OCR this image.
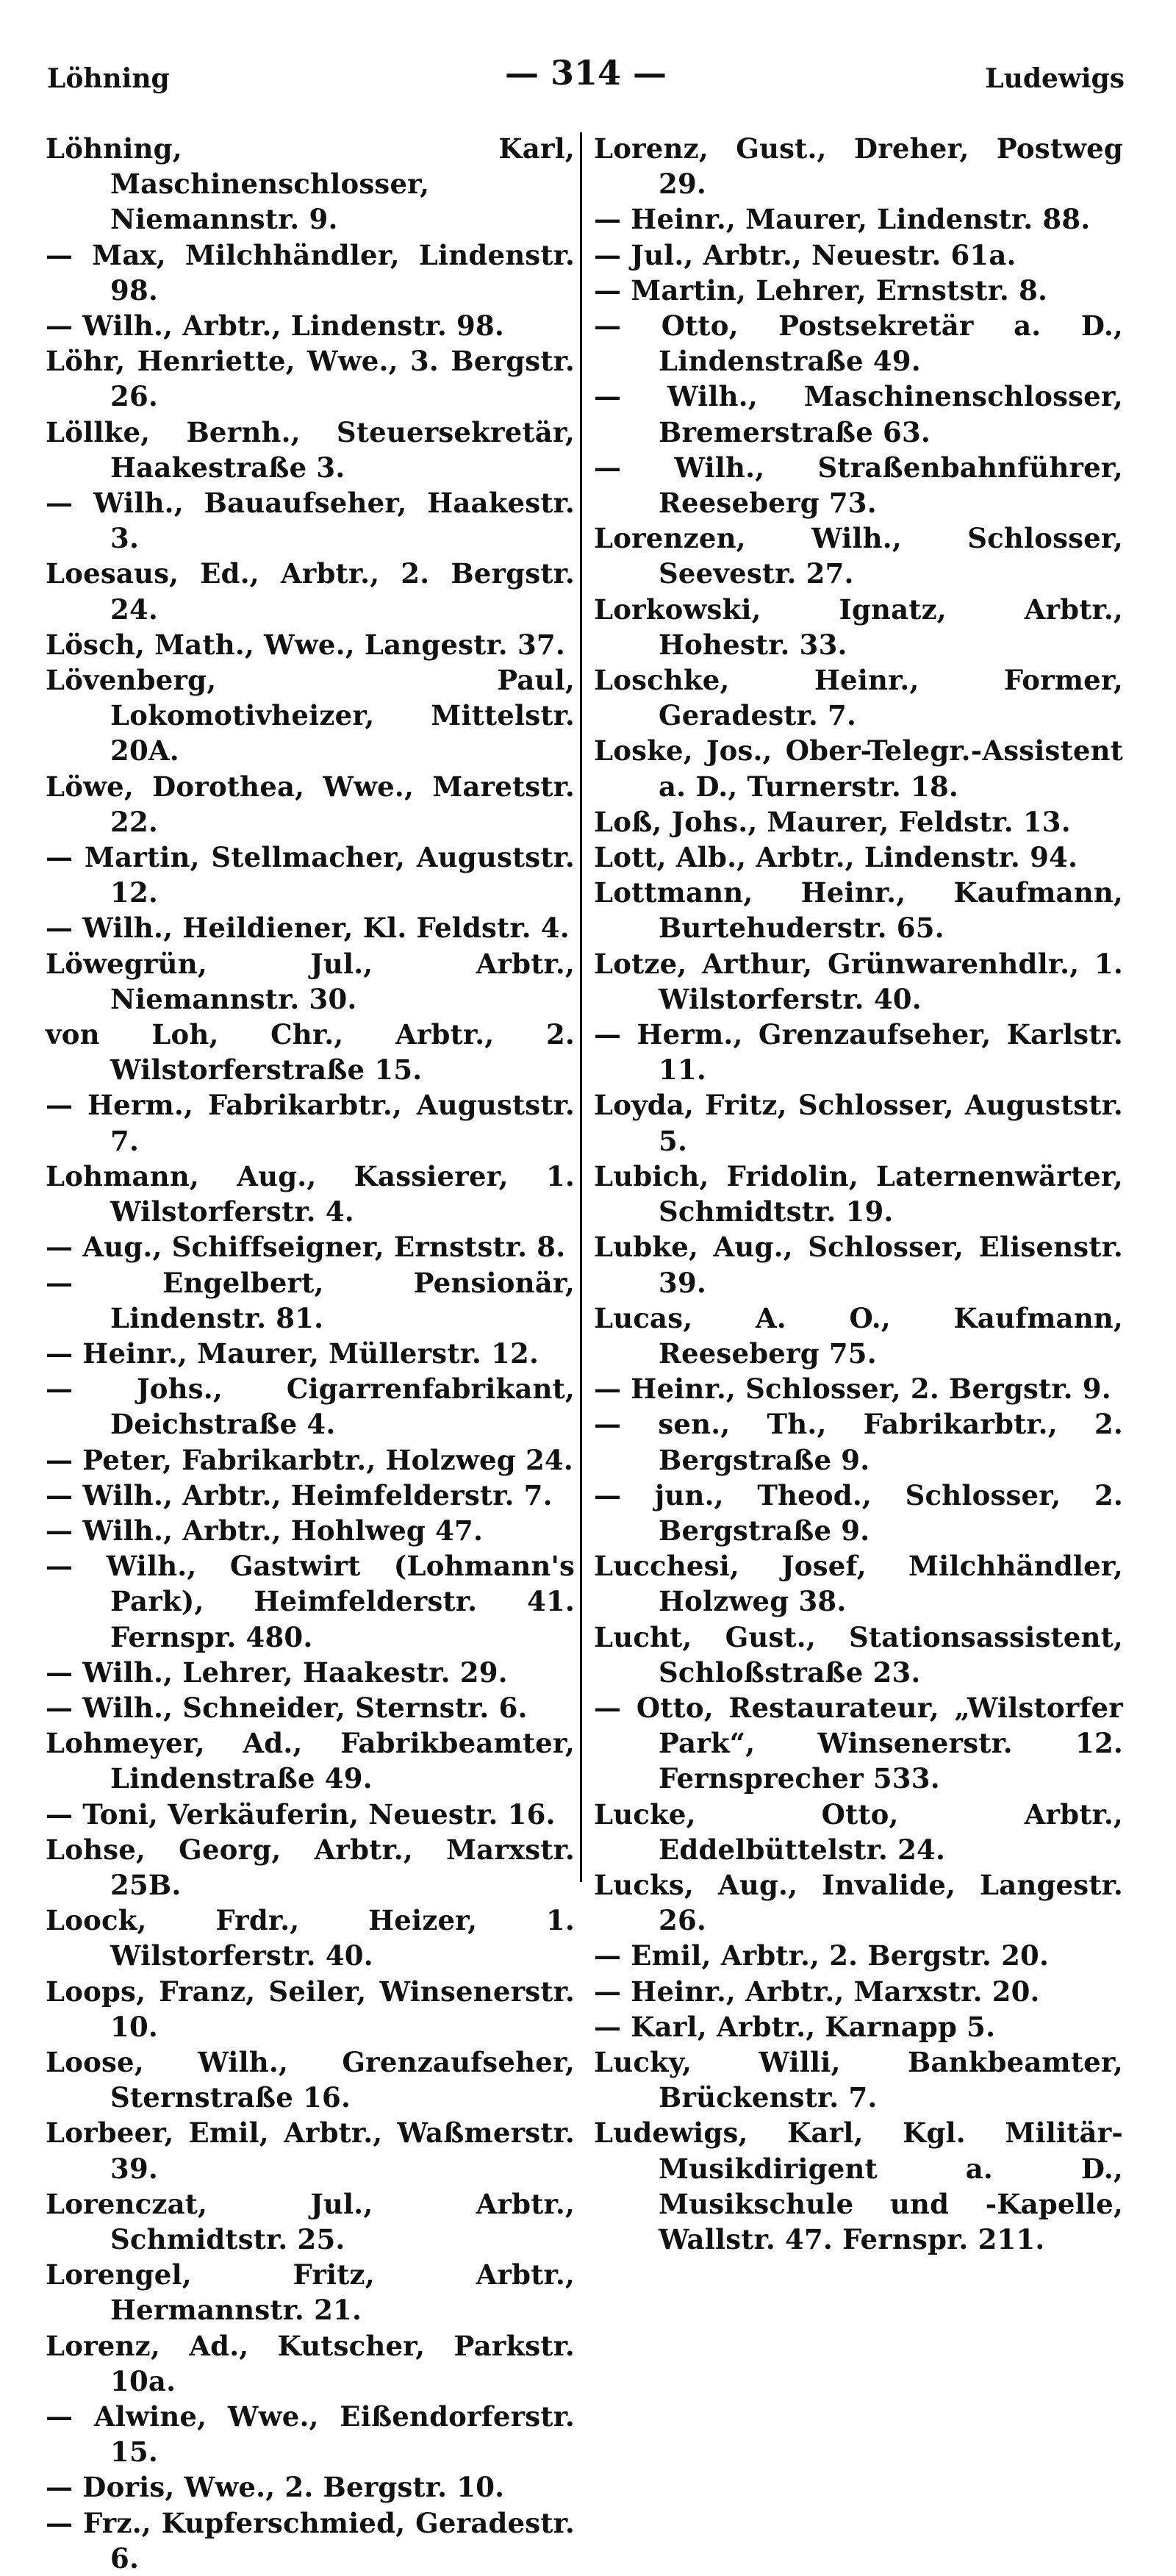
Löhning	— 314 —	Ludewigs
Löhning, Karl, Maschinenschlosser, Niemannstr. 9.
— Max, Milchhändler, Lindenstr. 98.
— Wilh., Arbtr., Lindenstr. 98.
Löhr, Henriette, Wwe., 3. Bergstr. 26.
Löllke, Bernh., Steuersekretär, Haakestraße 3.
— Wilh., Bauaufseher, Haakestr. 3.
Loesaus, Ed., Arbtr., 2. Bergstr. 24.
Lösch, Math., Wwe., Langestr. 37.
Lövenberg, Paul, Lokomotivheizer, Mittelstr. 20A.
Löwe, Dorothea, Wwe., Maretstr. 22.
— Martin, Stellmacher, Auguststr. 12.
— Wilh., Heildiener, Kl. Feldstr. 4.
Löwegrün, Jul., Arbtr., Niemannstr. 30.
von Loh, Chr., Arbtr., 2. Wilstorferstraße 15.
— Herm., Fabrikarbtr., Auguststr. 7.
Lohmann, Aug., Kassierer, 1. Wilstorferstr. 4.
— Aug., Schiffseigner, Ernststr. 8.
— Engelbert, Pensionär, Lindenstr. 81.
— Heinr., Maurer, Müllerstr. 12.
— Johs., Cigarrenfabrikant, Deichstraße 4.
— Peter, Fabrikarbtr., Holzweg 24.
— Wilh., Arbtr., Heimfelderstr. 7.
— Wilh., Arbtr., Hohlweg 47.
— Wilh., Gastwirt (Lohmann's Park), Heimfelderstr. 41. Fernspr. 480.
— Wilh., Lehrer, Haakestr. 29.
— Wilh., Schneider, Sternstr. 6.
Lohmeyer, Ad., Fabrikbeamter, Lindenstraße 49.
— Toni, Verkäuferin, Neuestr. 16.
Lohse, Georg, Arbtr., Marxstr. 25B.
Loock, Frdr., Heizer, 1. Wilstorferstr. 40.
Loops, Franz, Seiler, Winsenerstr. 10.
Loose, Wilh., Grenzaufseher, Sternstraße 16.
Lorbeer, Emil, Arbtr., Waßmerstr. 39.
Lorenczat, Jul., Arbtr., Schmidtstr. 25.
Lorengel, Fritz, Arbtr., Hermannstr. 21.
Lorenz, Ad., Kutscher, Parkstr. 10a.
— Alwine, Wwe., Eißendorferstr. 15.
— Doris, Wwe., 2. Bergstr. 10.
— Frz., Kupferschmied, Geradestr. 6.
Lorenz, Gust., Dreher, Postweg 29.
— Heinr., Maurer, Lindenstr. 88.
— Jul., Arbtr., Neuestr. 61a.
— Martin, Lehrer, Ernststr. 8.
— Otto, Postsekretär a. D., Lindenstraße 49.
— Wilh., Maschinenschlosser, Bremerstraße 63.
— Wilh., Straßenbahnführer, Reeseberg 73.
Lorenzen, Wilh., Schlosser, Seevestr. 27.
Lorkowski, Ignatz, Arbtr., Hohestr. 33.
Loschke, Heinr., Former, Geradestr. 7.
Loske, Jos., Ober-Telegr.-Assistent a. D., Turnerstr. 18.
Loß, Johs., Maurer, Feldstr. 13.
Lott, Alb., Arbtr., Lindenstr. 94.
Lottmann, Heinr., Kaufmann, Burtehuderstr. 65.
Lotze, Arthur, Grünwarenhdlr., 1. Wilstorferstr. 40.
— Herm., Grenzaufseher, Karlstr. 11.
Loyda, Fritz, Schlosser, Auguststr. 5.
Lubich, Fridolin, Laternenwärter, Schmidtstr. 19.
Lubke, Aug., Schlosser, Elisenstr. 39.
Lucas, A. O., Kaufmann, Reeseberg 75.
— Heinr., Schlosser, 2. Bergstr. 9.
— sen., Th., Fabrikarbtr., 2. Bergstraße 9.
— jun., Theod., Schlosser, 2. Bergstraße 9.
Lucchesi, Josef, Milchhändler, Holzweg 38.
Lucht, Gust., Stationsassistent, Schloßstraße 23.
— Otto, Restaurateur, „Wilstorfer Park“, Winsenerstr. 12. Fernsprecher 533.
Lucke, Otto, Arbtr., Eddelbüttelstr. 24.
Lucks, Aug., Invalide, Langestr. 26.
— Emil, Arbtr., 2. Bergstr. 20.
— Heinr., Arbtr., Marxstr. 20.
— Karl, Arbtr., Karnapp 5.
Lucky, Willi, Bankbeamter, Brückenstr. 7.
Ludewigs, Karl, Kgl. Militär-Musikdirigent a. D., Musikschule und -Kapelle, Wallstr. 47. Fernspr. 211.
